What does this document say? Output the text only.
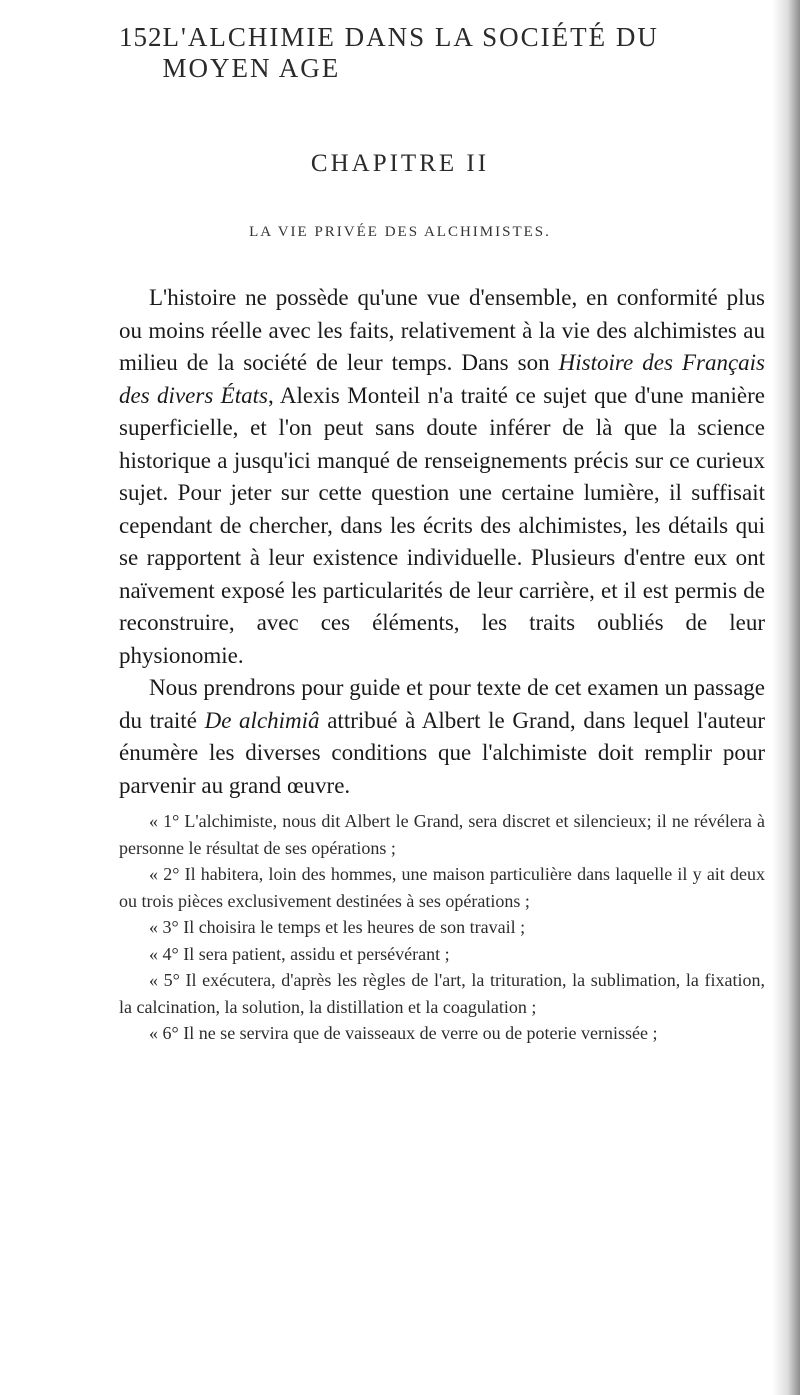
152 L'ALCHIMIE DANS LA SOCIÉTÉ DU MOYEN AGE
CHAPITRE II
LA VIE PRIVÉE DES ALCHIMISTES.

L'histoire ne possède qu'une vue d'ensemble, en conformité plus ou moins réelle avec les faits, relativement à la vie des alchimistes au milieu de la société de leur temps. Dans son Histoire des Français des divers États, Alexis Monteil n'a traité ce sujet que d'une manière superficielle, et l'on peut sans doute inférer de là que la science historique a jusqu'ici manqué de renseignements précis sur ce curieux sujet. Pour jeter sur cette question une certaine lumière, il suffisait cependant de chercher, dans les écrits des alchimistes, les détails qui se rapportent à leur existence individuelle. Plusieurs d'entre eux ont naïvement exposé les particularités de leur carrière, et il est permis de reconstruire, avec ces éléments, les traits oubliés de leur physionomie.

Nous prendrons pour guide et pour texte de cet examen un passage du traité De alchimiâ attribué à Albert le Grand, dans lequel l'auteur énumère les diverses conditions que l'alchimiste doit remplir pour parvenir au grand œuvre.

« 1° L'alchimiste, nous dit Albert le Grand, sera discret et silencieux; il ne révélera à personne le résultat de ses opérations ;

« 2° Il habitera, loin des hommes, une maison particulière dans laquelle il y ait deux ou trois pièces exclusivement destinées à ses opérations ;

« 3° Il choisira le temps et les heures de son travail ;

« 4° Il sera patient, assidu et persévérant ;

« 5° Il exécutera, d'après les règles de l'art, la trituration, la sublimation, la fixation, la calcination, la solution, la distillation et la coagulation ;

« 6° Il ne se servira que de vaisseaux de verre ou de poterie vernissée ;
